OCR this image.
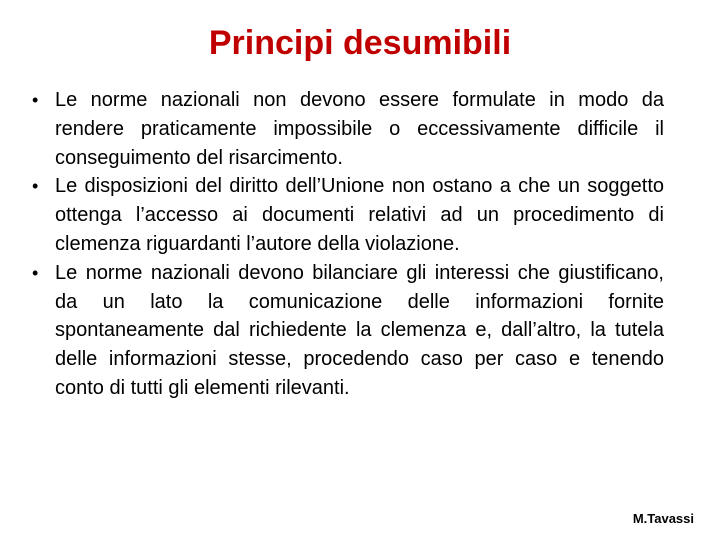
Principi desumibili
• Le norme nazionali non devono essere formulate in modo da rendere praticamente impossibile o eccessivamente difficile il conseguimento del risarcimento.
• Le disposizioni del diritto dell’Unione non ostano a che un soggetto ottenga l’accesso ai documenti relativi ad un procedimento di clemenza riguardanti l’autore della violazione.
• Le norme nazionali devono bilanciare gli interessi che giustificano, da un lato la comunicazione delle informazioni fornite spontaneamente dal richiedente la clemenza e, dall’altro, la tutela delle informazioni stesse, procedendo caso per caso e tenendo conto di tutti gli elementi rilevanti.
M.Tavassi
